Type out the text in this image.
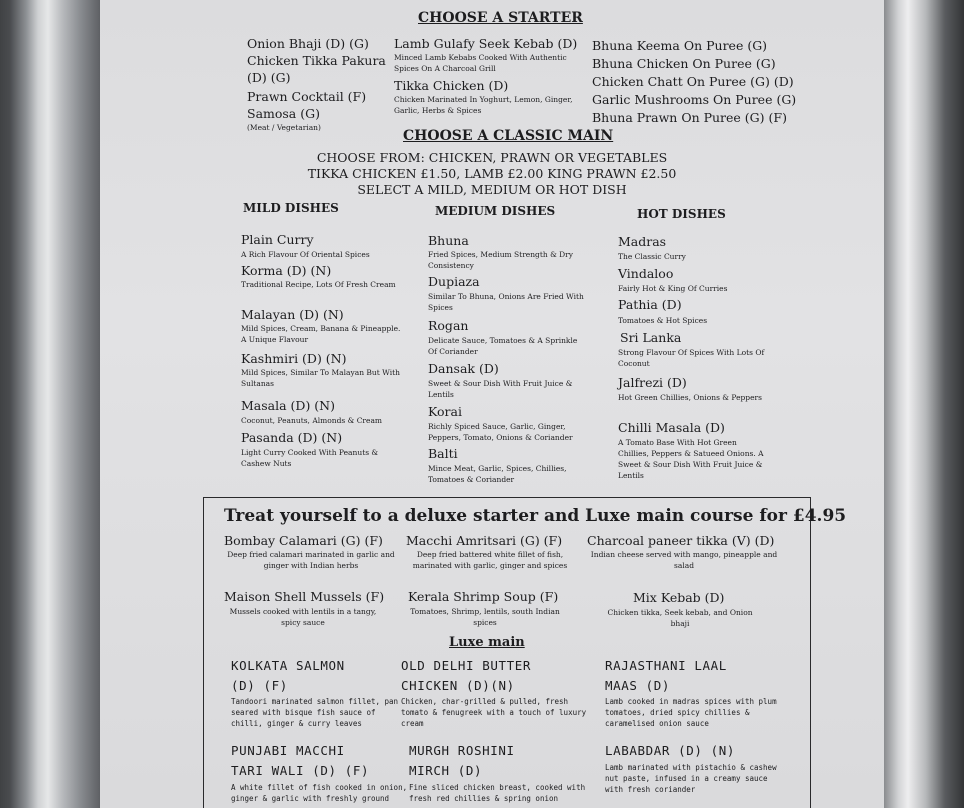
CHOOSE A STARTER
Onion Bhaji (D) (G)
Chicken Tikka Pakura
(D) (G)
Prawn Cocktail (F)
Samosa (G)
(Meat / Vegetarian)
Lamb Gulafy Seek Kebab (D)
Minced Lamb Kebabs Cooked With Authentic Spices On A Charcoal Grill
Tikka Chicken (D)
Chicken Marinated In Yoghurt, Lemon, Ginger, Garlic, Herbs & Spices
Bhuna Keema On Puree (G)
Bhuna Chicken On Puree (G)
Chicken Chatt On Puree (G) (D)
Garlic Mushrooms On Puree (G)
Bhuna Prawn On Puree (G) (F)
CHOOSE A CLASSIC MAIN
CHOOSE FROM: CHICKEN, PRAWN OR VEGETABLES
TIKKA CHICKEN £1.50, LAMB £2.00 KING PRAWN £2.50
SELECT A MILD, MEDIUM OR HOT DISH
MILD DISHES	MEDIUM DISHES	HOT DISHES
Plain Curry
A Rich Flavour Of Oriental Spices
Korma (D) (N)
Traditional Recipe, Lots Of Fresh Cream
Malayan (D) (N)
Mild Spices, Cream, Banana & Pineapple. A Unique Flavour
Kashmiri (D) (N)
Mild Spices, Similar To Malayan But With Sultanas
Masala (D) (N)
Coconut, Peanuts, Almonds & Cream
Pasanda (D) (N)
Light Curry Cooked With Peanuts & Cashew Nuts
Bhuna
Fried Spices, Medium Strength & Dry Consistency
Dupiaza
Similar To Bhuna, Onions Are Fried With Spices
Rogan
Delicate Sauce, Tomatoes & A Sprinkle Of Coriander
Dansak (D)
Sweet & Sour Dish With Fruit Juice & Lentils
Korai
Richly Spiced Sauce, Garlic, Ginger, Peppers, Tomato, Onions & Coriander
Balti
Mince Meat, Garlic, Spices, Chillies, Tomatoes & Coriander
Madras
The Classic Curry
Vindaloo
Fairly Hot & King Of Curries
Pathia (D)
Tomatoes & Hot Spices
Sri Lanka
Strong Flavour Of Spices With Lots Of Coconut
Jalfrezi (D)
Hot Green Chillies, Onions & Peppers
Chilli Masala (D)
A Tomato Base With Hot Green Chillies, Peppers & Satueed Onions. A Sweet & Sour Dish With Fruit Juice & Lentils
Treat yourself to a deluxe starter and Luxe main course for £4.95
Bombay Calamari (G) (F)
Deep fried calamari marinated in garlic and ginger with Indian herbs
Macchi Amritsari (G) (F)
Deep fried battered white fillet of fish, marinated with garlic, ginger and spices
Charcoal paneer tikka (V) (D)
Indian cheese served with mango, pineapple and salad
Maison Shell Mussels (F)
Mussels cooked with lentils in a tangy, spicy sauce
Kerala Shrimp Soup (F)
Tomatoes, Shrimp, lentils, south Indian spices
Mix Kebab (D)
Chicken tikka, Seek kebab, and Onion bhaji
Luxe main
KOLKATA SALMON
(D) (F)
Tandoori marinated salmon fillet, pan seared with bisque fish sauce of chilli, ginger & curry leaves
OLD DELHI BUTTER
CHICKEN (D)(N)
Chicken, char-grilled & pulled, fresh tomato & fenugreek with a touch of luxury cream
RAJASTHANI LAAL
MAAS (D)
Lamb cooked in madras spices with plum tomatoes, dried spicy chillies & caramelised onion sauce
PUNJABI MACCHI
TARI WALI (D) (F)
A white fillet of fish cooked in onion, ginger & garlic with freshly ground
MURGH ROSHINI
MIRCH (D)
Fine sliced chicken breast, cooked with fresh red chillies & spring onion
LABABDAR (D) (N)
Lamb marinated with pistachio & cashew nut paste, infused in a creamy sauce with fresh coriander
